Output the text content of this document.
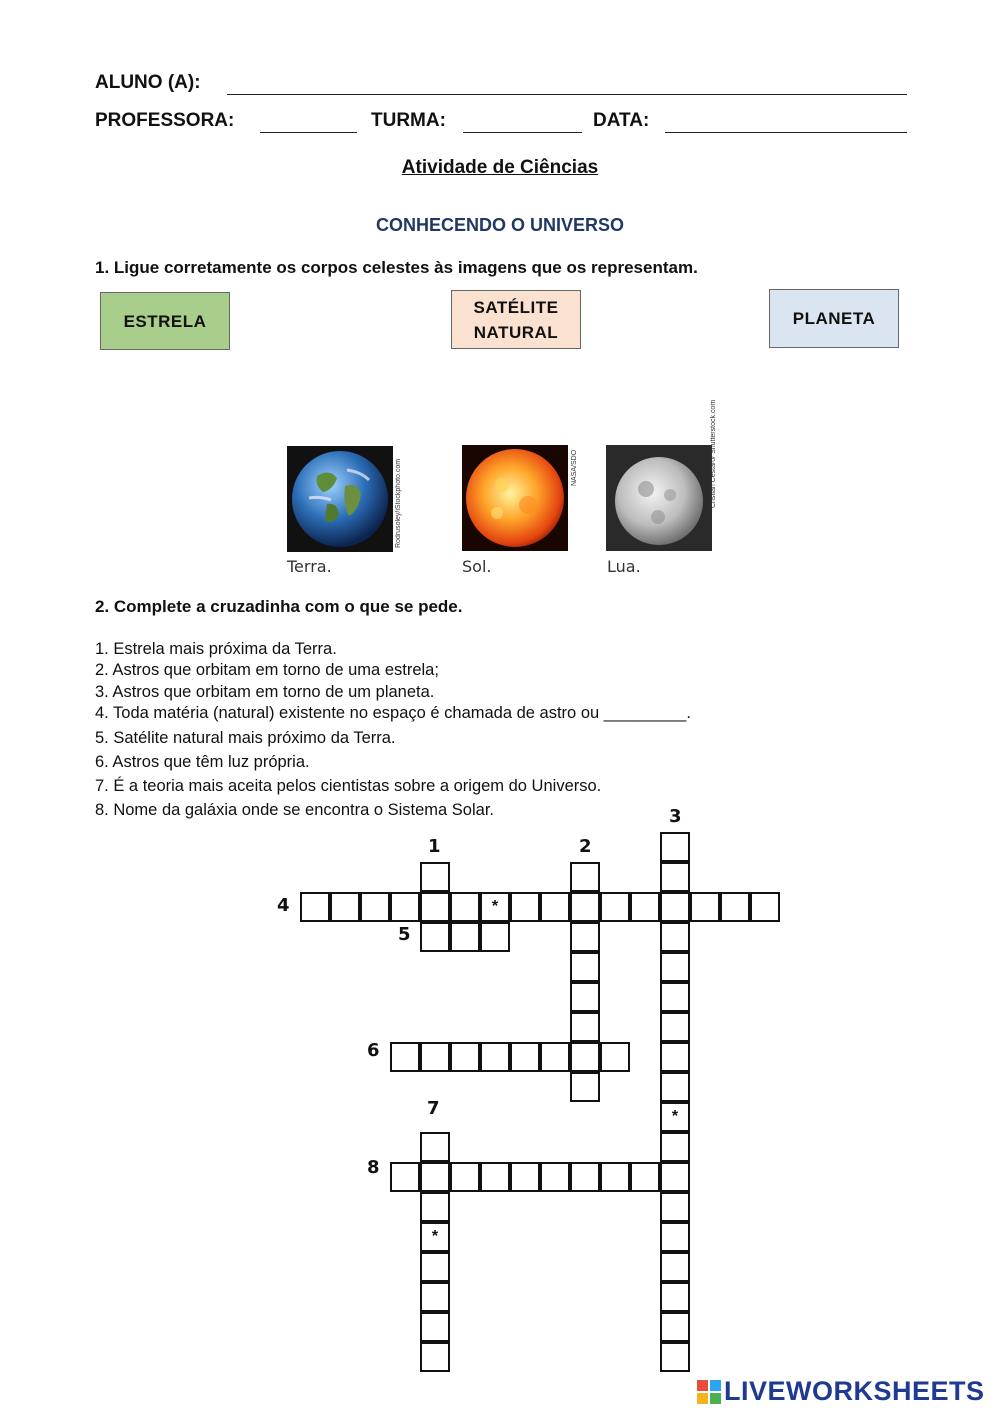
ALUNO (A):
PROFESSORA:	TURMA:	DATA:
Atividade de Ciências
CONHECENDO O UNIVERSO
1. Ligue corretamente os corpos celestes às imagens que os representam.
ESTRELA
SATÉLITE
NATURAL
PLANETA
Rodrusoley/iStockphoto.com
Terra.
NASA/SDO
Sol.
Cristian Cestaro/ Shutterstock.com
Lua.
2. Complete a cruzadinha com o que se pede.
1. Estrela mais próxima da Terra.
2. Astros que orbitam em torno de uma estrela;
3. Astros que orbitam em torno de um planeta.
4. Toda matéria (natural) existente no espaço é chamada de astro ou _________.
5. Satélite natural mais próximo da Terra.
6. Astros que têm luz própria.
7. É a teoria mais aceita pelos cientistas sobre a origem do Universo.
8. Nome da galáxia onde se encontra o Sistema Solar.
*
*
*
1	2
3
4
5
6
7
8
LIVEWORKSHEETS
